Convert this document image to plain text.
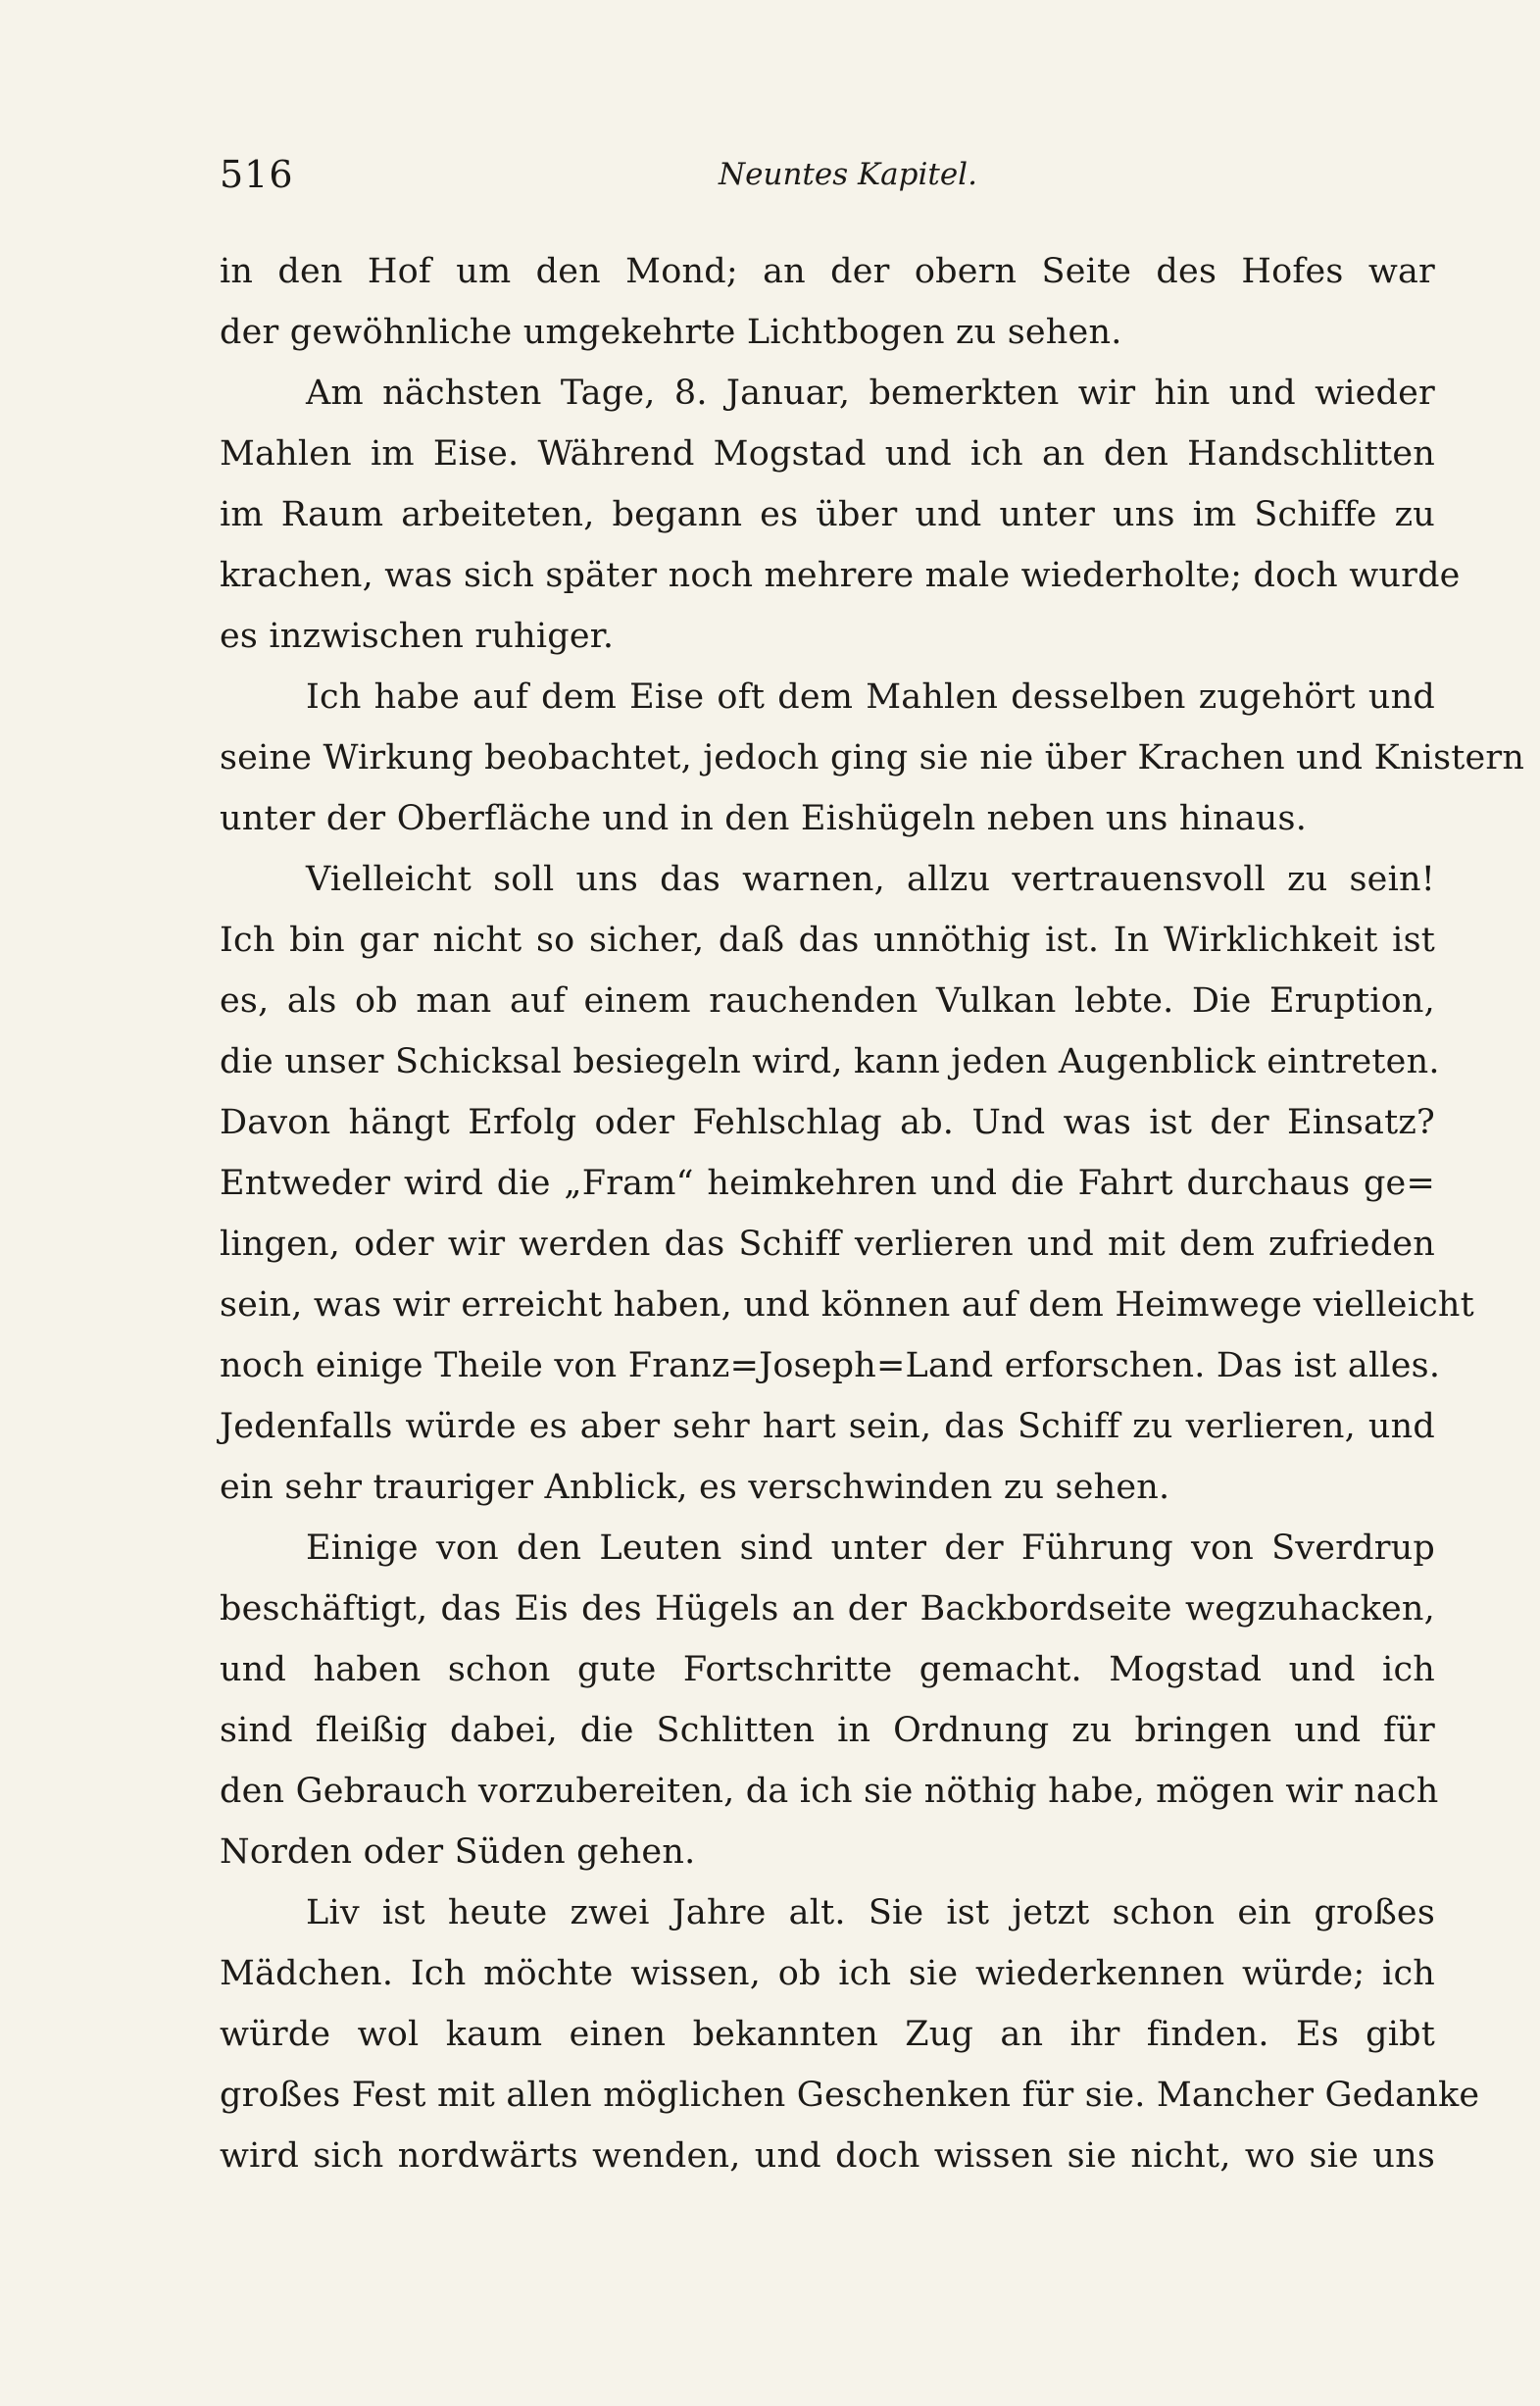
516	Neuntes Kapitel.
in den Hof um den Mond; an der obern Seite des Hofes war
der gewöhnliche umgekehrte Lichtbogen zu sehen.
Am nächsten Tage, 8. Januar, bemerkten wir hin und wieder
Mahlen im Eise. Während Mogstad und ich an den Handschlitten
im Raum arbeiteten, begann es über und unter uns im Schiffe zu
krachen, was sich später noch mehrere male wiederholte; doch wurde
es inzwischen ruhiger.
Ich habe auf dem Eise oft dem Mahlen desselben zugehört und
seine Wirkung beobachtet, jedoch ging sie nie über Krachen und Knistern
unter der Oberfläche und in den Eishügeln neben uns hinaus.
Vielleicht soll uns das warnen, allzu vertrauensvoll zu sein!
Ich bin gar nicht so sicher, daß das unnöthig ist. In Wirklichkeit ist
es, als ob man auf einem rauchenden Vulkan lebte. Die Eruption,
die unser Schicksal besiegeln wird, kann jeden Augenblick eintreten.
Davon hängt Erfolg oder Fehlschlag ab. Und was ist der Einsatz?
Entweder wird die „Fram“ heimkehren und die Fahrt durchaus ge=
lingen, oder wir werden das Schiff verlieren und mit dem zufrieden
sein, was wir erreicht haben, und können auf dem Heimwege vielleicht
noch einige Theile von Franz=Joseph=Land erforschen. Das ist alles.
Jedenfalls würde es aber sehr hart sein, das Schiff zu verlieren, und
ein sehr trauriger Anblick, es verschwinden zu sehen.
Einige von den Leuten sind unter der Führung von Sverdrup
beschäftigt, das Eis des Hügels an der Backbordseite wegzuhacken,
und haben schon gute Fortschritte gemacht. Mogstad und ich
sind fleißig dabei, die Schlitten in Ordnung zu bringen und für
den Gebrauch vorzubereiten, da ich sie nöthig habe, mögen wir nach
Norden oder Süden gehen.
Liv ist heute zwei Jahre alt. Sie ist jetzt schon ein großes
Mädchen. Ich möchte wissen, ob ich sie wiederkennen würde; ich
würde wol kaum einen bekannten Zug an ihr finden. Es gibt
großes Fest mit allen möglichen Geschenken für sie. Mancher Gedanke
wird sich nordwärts wenden, und doch wissen sie nicht, wo sie uns
